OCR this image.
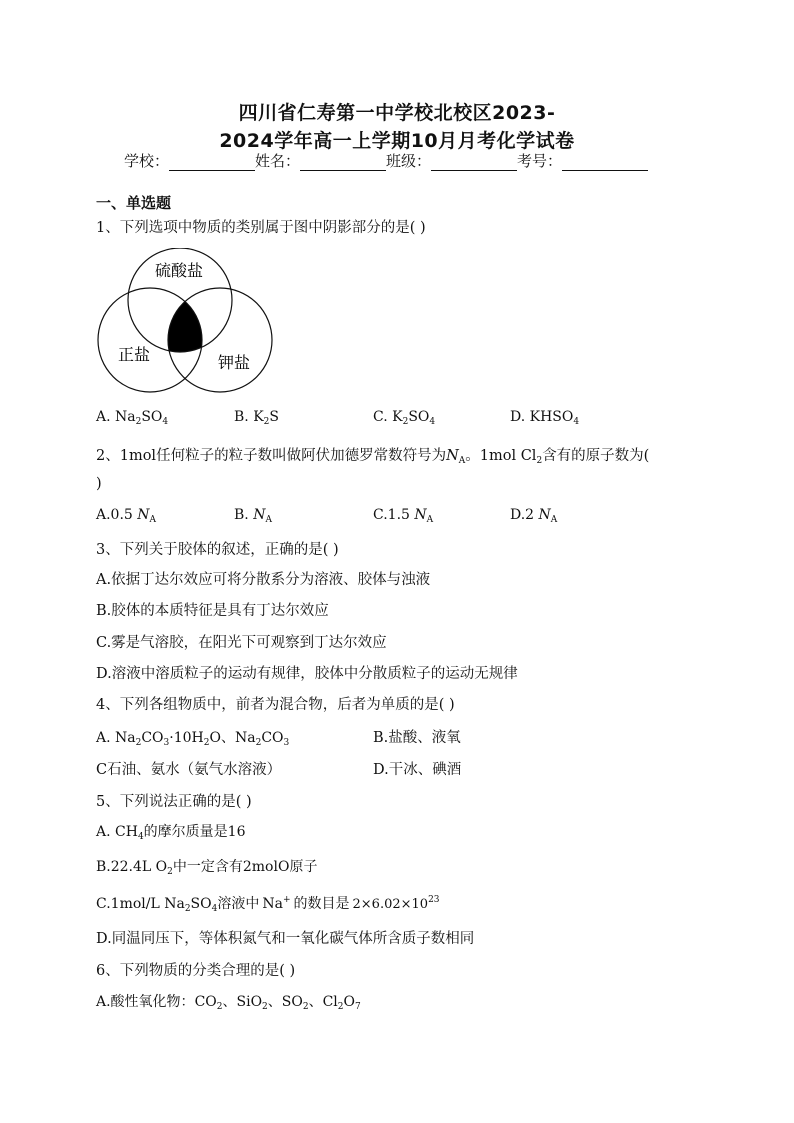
四川省仁寿第一中学校北校区2023-
2024学年高一上学期10月月考化学试卷
学校：	姓名：	班级：	考号：
一、单选题
1、下列选项中物质的类别属于图中阴影部分的是( )
硫酸盐
正盐	钾盐
A. $Na_2SO_4$	B. $K_2S$	C. $K_2SO_4$	D. $KHSO_4$
2、1mol任何粒子的粒子数叫做阿伏加德罗常数符号为$N_A$。1mol $Cl_2$含有的原子数为(
)
A.0.5 $N_A$	B. $N_A$	C.1.5 $N_A$	D.2 $N_A$
3、下列关于胶体的叙述，正确的是( )
A.依据丁达尔效应可将分散系分为溶液、胶体与浊液
B.胶体的本质特征是具有丁达尔效应
C.雾是气溶胶，在阳光下可观察到丁达尔效应
D.溶液中溶质粒子的运动有规律，胶体中分散质粒子的运动无规律
4、下列各组物质中，前者为混合物，后者为单质的是( )
A. $Na_2CO_3\cdot 10H_2O$、$Na_2CO_3$	B.盐酸、液氧
C石油、氨水（氨气水溶液）	D.干冰、碘酒
5、下列说法正确的是( )
A. $CH_4$的摩尔质量是16
B.22.4L $O_2$中一定含有2molO原子
C.1mol/L $Na_2SO_4$溶液中 Na+ 的数目是 $2\times 6.02\times 10^{23}$
D.同温同压下，等体积氮气和一氧化碳气体所含质子数相同
6、下列物质的分类合理的是( )
A.酸性氧化物：$CO_2$、SiO$_2$、$SO_2$、$Cl_2O_7$
